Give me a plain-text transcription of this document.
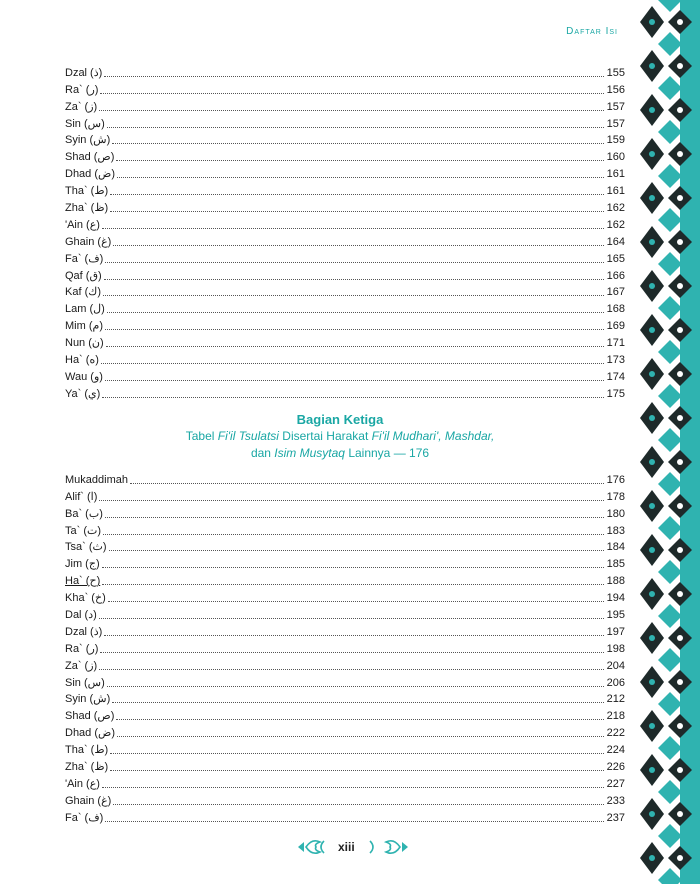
Daftar Isi
Dzal (ذ)	155
Ra` (ر)	156
Za` (ز)	157
Sin (س)	157
Syin (ش)	159
Shad (ص)	160
Dhad (ض)	161
Tha` (ط)	161
Zha` (ظ)	162
'Ain (ع)	162
Ghain (غ)	164
Fa` (ف)	165
Qaf (ق)	166
Kaf (ك)	167
Lam (ل)	168
Mim (م)	169
Nun (ن)	171
Ha` (ه)	173
Wau (و)	174
Ya` (ي)	175
Bagian Ketiga
Tabel Fi'il Tsulatsi Disertai Harakat Fi'il Mudhari', Mashdar,
dan Isim Musytaq Lainnya — 176
Mukaddimah	176
Alif` (ا)	178
Ba` (ب)	180
Ta` (ت)	183
Tsa` (ث)	184
Jim (ج)	185
Ha` (ح)	188
Kha` (خ)	194
Dal (د)	195
Dzal (ذ)	197
Ra` (ر)	198
Za` (ز)	204
Sin (س)	206
Syin (ش)	212
Shad (ص)	218
Dhad (ض)	222
Tha` (ط)	224
Zha` (ظ)	226
'Ain (ع)	227
Ghain (غ)	233
Fa` (ف)	237
xiii
